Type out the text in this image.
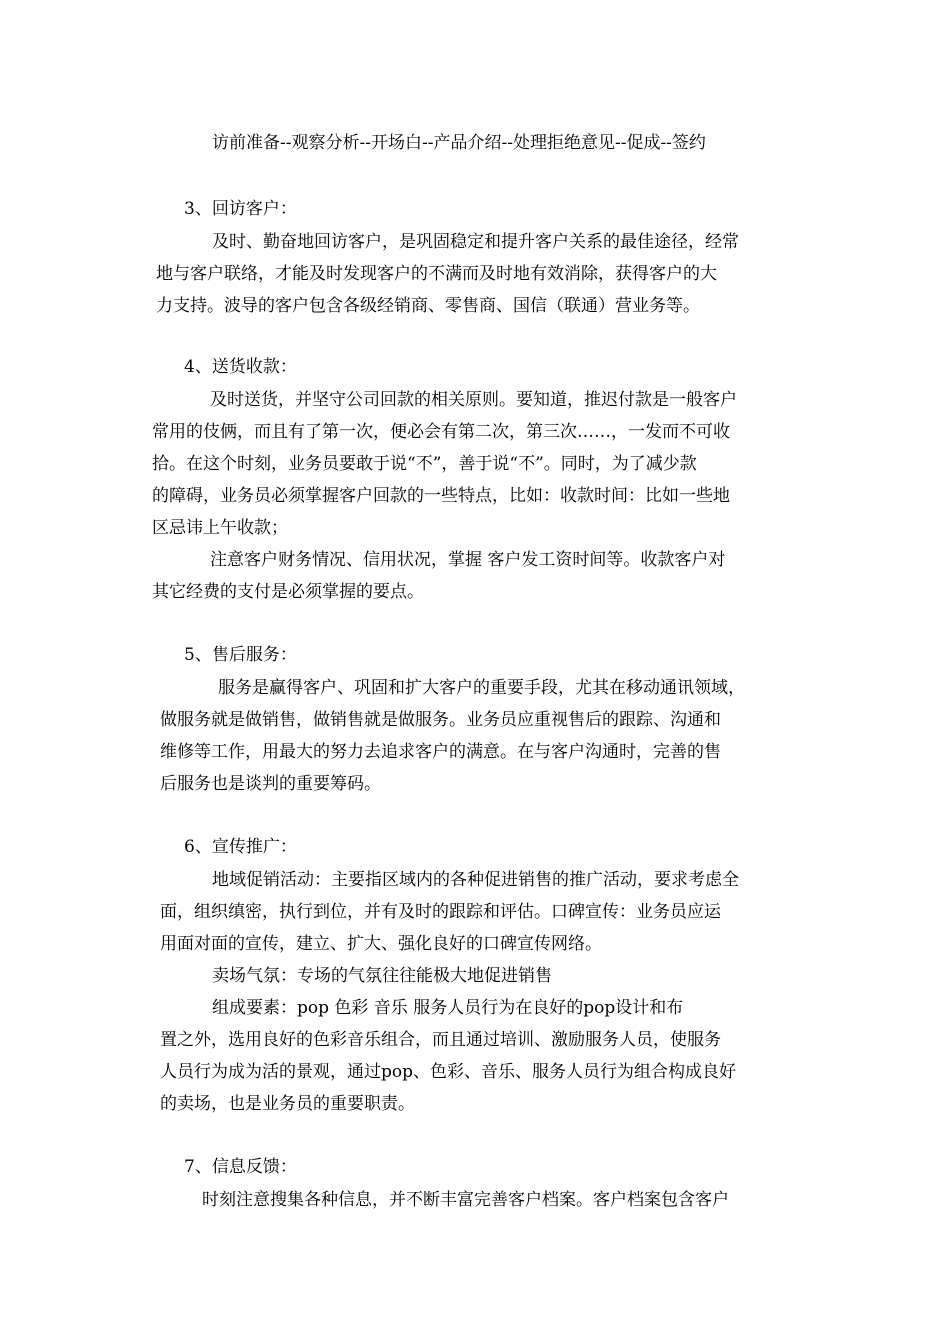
访前准备--观察分析--开场白--产品介绍--处理拒绝意见--促成--签约
3、回访客户：
及时、勤奋地回访客户，是巩固稳定和提升客户关系的最佳途径，经常
地与客户联络，才能及时发现客户的不满而及时地有效消除，获得客户的大
力支持。波导的客户包含各级经销商、零售商、国信（联通）营业务等。
4、送货收款：
及时送货，并坚守公司回款的相关原则。要知道，推迟付款是一般客户
常用的伎俩，而且有了第一次，便必会有第二次，第三次……，一发而不可收
拾。在这个时刻，业务员要敢于说“不”，善于说“不”。同时，为了减少款
的障碍，业务员必须掌握客户回款的一些特点，比如：收款时间：比如一些地
区忌讳上午收款；
注意客户财务情况、信用状况，掌握 客户发工资时间等。收款客户对
其它经费的支付是必须掌握的要点。
5、售后服务：
服务是赢得客户、巩固和扩大客户的重要手段，尤其在移动通讯领域，
做服务就是做销售，做销售就是做服务。业务员应重视售后的跟踪、沟通和
维修等工作，用最大的努力去追求客户的满意。在与客户沟通时，完善的售
后服务也是谈判的重要筹码。
6、宣传推广：
地域促销活动：主要指区域内的各种促进销售的推广活动，要求考虑全
面，组织缜密，执行到位，并有及时的跟踪和评估。口碑宣传：业务员应运
用面对面的宣传，建立、扩大、强化良好的口碑宣传网络。
卖场气氛：专场的气氛往往能极大地促进销售
组成要素：pop 色彩 音乐 服务人员行为在良好的pop设计和布
置之外，选用良好的色彩音乐组合，而且通过培训、激励服务人员，使服务
人员行为成为活的景观，通过pop、色彩、音乐、服务人员行为组合构成良好
的卖场，也是业务员的重要职责。
7、信息反馈：
时刻注意搜集各种信息，并不断丰富完善客户档案。客户档案包含客户
